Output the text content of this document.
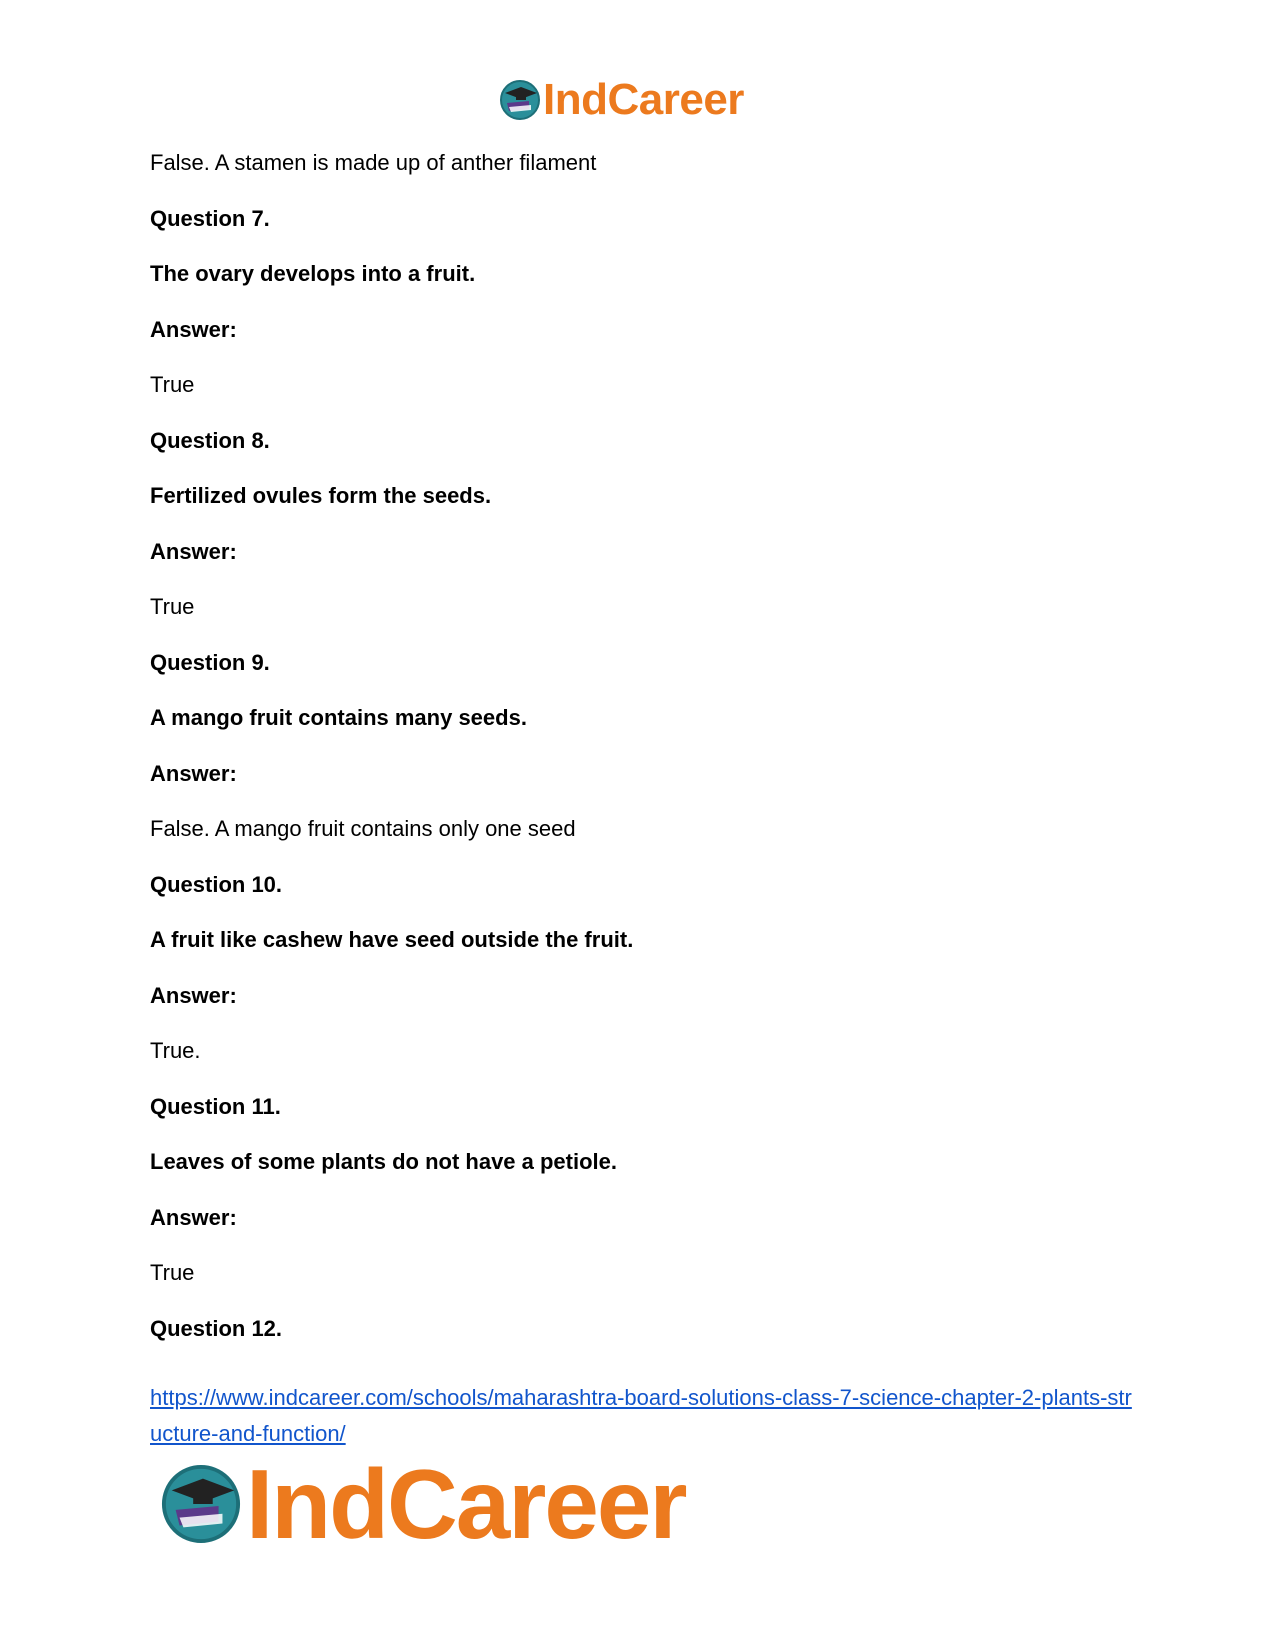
IndCareer
False. A stamen is made up of anther filament
Question 7.
The ovary develops into a fruit.
Answer:
True
Question 8.
Fertilized ovules form the seeds.
Answer:
True
Question 9.
A mango fruit contains many seeds.
Answer:
False. A mango fruit contains only one seed
Question 10.
A fruit like cashew have seed outside the fruit.
Answer:
True.
Question 11.
Leaves of some plants do not have a petiole.
Answer:
True
Question 12.
https://www.indcareer.com/schools/maharashtra-board-solutions-class-7-science-chapter-2-plants-structure-and-function/
IndCareer
